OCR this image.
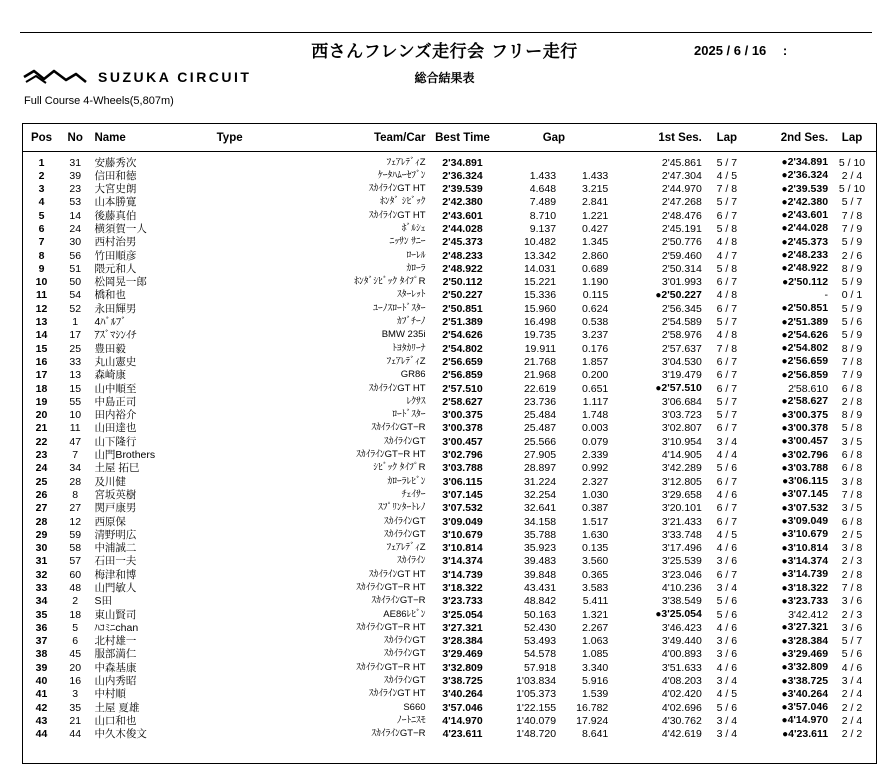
西さんフレンズ走行会 フリー走行	2025 / 6 / 16　 :
SUZUKA CIRCUIT	総合結果表
Full Course 4-Wheels(5,807m)
Pos	No	Name	Type	Team/Car	Best Time	Gap		1st Ses.	Lap	2nd Ses.	Lap
1	31	安藤秀次		ﾌｪｱﾚﾃﾞｨZ	2'34.891			2'45.861	5 / 7	●2'34.891	5 / 10
2	39	信田和徳		ｹｰﾀﾊﾑｰｾﾌﾞﾝ	2'36.324	1.433	1.433	2'47.304	4 / 5	●2'36.324	2 / 4
3	23	大宮史朗		ｽｶｲﾗｲﾝGT HT	2'39.539	4.648	3.215	2'44.970	7 / 8	●2'39.539	5 / 10
4	53	山本勝寛		ﾎﾝﾀﾞ ｼﾋﾞｯｸ	2'42.380	7.489	2.841	2'47.268	5 / 7	●2'42.380	5 / 7
5	14	後藤真伯		ｽｶｲﾗｲﾝGT HT	2'43.601	8.710	1.221	2'48.476	6 / 7	●2'43.601	7 / 8
6	24	横須賀一人		ﾎﾞﾙｼｪ	2'44.028	9.137	0.427	2'45.191	5 / 8	●2'44.028	7 / 9
7	30	西村治男		ﾆｯｻﾝ ｻﾆｰ	2'45.373	10.482	1.345	2'50.776	4 / 8	●2'45.373	5 / 9
8	56	竹田順彦		ﾛｰﾚﾙ	2'48.233	13.342	2.860	2'59.460	4 / 7	●2'48.233	2 / 6
9	51	隈元和人		ｶﾛｰﾗ	2'48.922	14.031	0.689	2'50.314	5 / 8	●2'48.922	8 / 9
10	50	松岡晃一郎		ﾎﾝﾀﾞｼﾋﾞｯｸ ﾀｲﾌﾟR	2'50.112	15.221	1.190	3'01.993	6 / 7	●2'50.112	5 / 9
11	54	橋和也		ｽﾀｰﾚｯﾄ	2'50.227	15.336	0.115	●2'50.227	4 / 8	-	0 / 1
12	52	永田輝男		ﾕｰﾉｽﾛｰﾄﾞｽﾀｰ	2'50.851	15.960	0.624	2'56.345	6 / 7	●2'50.851	5 / 9
13	1	4ﾊﾞﾙﾌﾞ		ｶﾌﾞﾁｰﾉ	2'51.389	16.498	0.538	2'54.589	5 / 7	●2'51.389	5 / 6
14	17	ｱｽﾞﾏｼﾝｲﾁ		BMW 235i	2'54.626	19.735	3.237	2'58.976	4 / 8	●2'54.626	5 / 9
15	25	豊田毅		ﾄﾖﾀｶﾘｰﾅ	2'54.802	19.911	0.176	2'57.637	7 / 8	●2'54.802	8 / 9
16	33	丸山憲史		ﾌｪｱﾚﾃﾞｨZ	2'56.659	21.768	1.857	3'04.530	6 / 7	●2'56.659	7 / 8
17	13	森崎康		GR86	2'56.859	21.968	0.200	3'19.479	6 / 7	●2'56.859	7 / 9
18	15	山中順至		ｽｶｲﾗｲﾝGT HT	2'57.510	22.619	0.651	●2'57.510	6 / 7	2'58.610	6 / 8
19	55	中島正司		ﾚｸｻｽ	2'58.627	23.736	1.117	3'06.684	5 / 7	●2'58.627	2 / 8
20	10	田内裕介		ﾛｰﾄﾞｽﾀｰ	3'00.375	25.484	1.748	3'03.723	5 / 7	●3'00.375	8 / 9
21	11	山田達也		ｽｶｲﾗｲﾝGT−R	3'00.378	25.487	0.003	3'02.807	6 / 7	●3'00.378	5 / 8
22	47	山下隆行		ｽｶｲﾗｲﾝGT	3'00.457	25.566	0.079	3'10.954	3 / 4	●3'00.457	3 / 5
23	7	山門Brothers		ｽｶｲﾗｲﾝGT−R HT	3'02.796	27.905	2.339	4'14.905	4 / 4	●3'02.796	6 / 8
24	34	土屋 拓巳		ｼﾋﾞｯｸ ﾀｲﾌﾟR	3'03.788	28.897	0.992	3'42.289	5 / 6	●3'03.788	6 / 8
25	28	及川健		ｶﾛｰﾗﾚﾋﾞﾝ	3'06.115	31.224	2.327	3'12.805	6 / 7	●3'06.115	3 / 8
26	8	宮坂英樹		ﾁｪｲｻｰ	3'07.145	32.254	1.030	3'29.658	4 / 6	●3'07.145	7 / 8
27	27	関戸康男		ｽﾌﾟﾘﾝﾀｰﾄﾚﾉ	3'07.532	32.641	0.387	3'20.101	6 / 7	●3'07.532	3 / 5
28	12	西原保		ｽｶｲﾗｲﾝGT	3'09.049	34.158	1.517	3'21.433	6 / 7	●3'09.049	6 / 8
29	59	清野明広		ｽｶｲﾗｲﾝGT	3'10.679	35.788	1.630	3'33.748	4 / 5	●3'10.679	2 / 5
30	58	中浦誠二		ﾌｪｱﾚﾃﾞｨZ	3'10.814	35.923	0.135	3'17.496	4 / 6	●3'10.814	3 / 8
31	57	石田一夫		ｽｶｲﾗｲﾝ	3'14.374	39.483	3.560	3'25.539	3 / 6	●3'14.374	2 / 3
32	60	梅津和博		ｽｶｲﾗｲﾝGT HT	3'14.739	39.848	0.365	3'23.046	6 / 7	●3'14.739	2 / 8
33	48	山門敏人		ｽｶｲﾗｲﾝGT−R HT	3'18.322	43.431	3.583	4'10.236	3 / 4	●3'18.322	7 / 8
34	2	S田		ｽｶｲﾗｲﾝGT−R	3'23.733	48.842	5.411	3'38.549	5 / 6	●3'23.733	3 / 6
35	18	東山賢司		AE86ﾚﾋﾞﾝ	3'25.054	50.163	1.321	●3'25.054	5 / 6	3'42.412	2 / 3
36	5	ﾊｺﾐﾆchan		ｽｶｲﾗｲﾝGT−R HT	3'27.321	52.430	2.267	3'46.423	4 / 6	●3'27.321	3 / 6
37	6	北村雄一		ｽｶｲﾗｲﾝGT	3'28.384	53.493	1.063	3'49.440	3 / 6	●3'28.384	5 / 7
38	45	服部満仁		ｽｶｲﾗｲﾝGT	3'29.469	54.578	1.085	4'00.893	3 / 6	●3'29.469	5 / 6
39	20	中森基康		ｽｶｲﾗｲﾝGT−R HT	3'32.809	57.918	3.340	3'51.633	4 / 6	●3'32.809	4 / 6
40	16	山内秀昭		ｽｶｲﾗｲﾝGT	3'38.725	1'03.834	5.916	4'08.203	3 / 4	●3'38.725	3 / 4
41	3	中村順		ｽｶｲﾗｲﾝGT HT	3'40.264	1'05.373	1.539	4'02.420	4 / 5	●3'40.264	2 / 4
42	35	土屋 夏雄		S660	3'57.046	1'22.155	16.782	4'02.696	5 / 6	●3'57.046	2 / 2
43	21	山口和也		ﾉｰﾄﾆｽﾓ	4'14.970	1'40.079	17.924	4'30.762	3 / 4	●4'14.970	2 / 4
44	44	中久木俊文		ｽｶｲﾗｲﾝGT−R	4'23.611	1'48.720	8.641	4'42.619	3 / 4	●4'23.611	2 / 2
